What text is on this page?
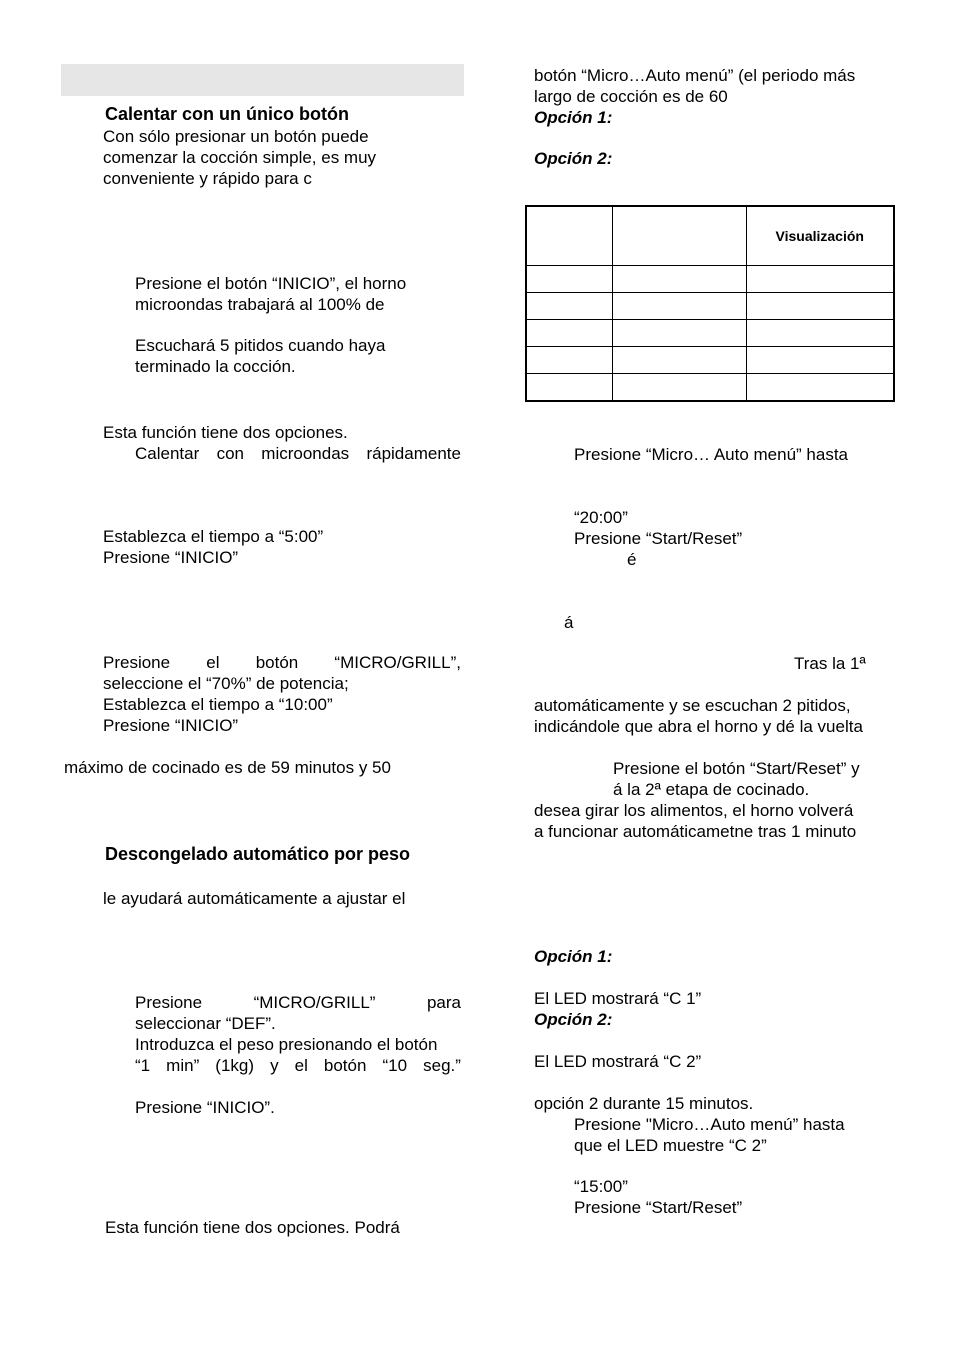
Calentar con un único botón
Con sólo presionar un botón puede
comenzar la cocción simple, es muy
conveniente y rápido para c
Presione el botón “INICIO”, el horno
microondas trabajará al 100% de
Escuchará 5 pitidos cuando haya
terminado la cocción.
Esta función tiene dos opciones.
Calentar con microondas rápidamente
Establezca el tiempo a “5:00”
Presione “INICIO”
Presione el botón “MICRO/GRILL”,
seleccione el “70%” de potencia;
Establezca el tiempo a “10:00”
Presione “INICIO”
máximo de cocinado es de 59 minutos y 50
Descongelado automático por peso
le ayudará automáticamente a ajustar el
Presione	“MICRO/GRILL”	para
seleccionar “DEF”.
Introduzca el peso presionando el botón
“1 min” (1kg) y el botón “10 seg.”
Presione “INICIO”.
Esta función tiene dos opciones. Podrá
botón “Micro…Auto menú” (el periodo más
largo de cocción es de 60
Opción 1:
Opción 2:
		Visualización

Presione “Micro… Auto menú” hasta
“20:00”
Presione “Start/Reset”
é
á
Tras la 1ª
automáticamente y se escuchan 2 pitidos,
indicándole que abra el horno y dé la vuelta
Presione el botón “Start/Reset” y
á la 2ª etapa de cocinado.
desea girar los alimentos, el horno volverá
a funcionar automáticametne tras 1 minuto
Opción 1:
El LED mostrará “C 1”
Opción 2:
El LED mostrará “C 2”
opción 2 durante 15 minutos.
Presione "Micro…Auto menú” hasta
que el LED muestre “C 2”
“15:00”
Presione “Start/Reset”
